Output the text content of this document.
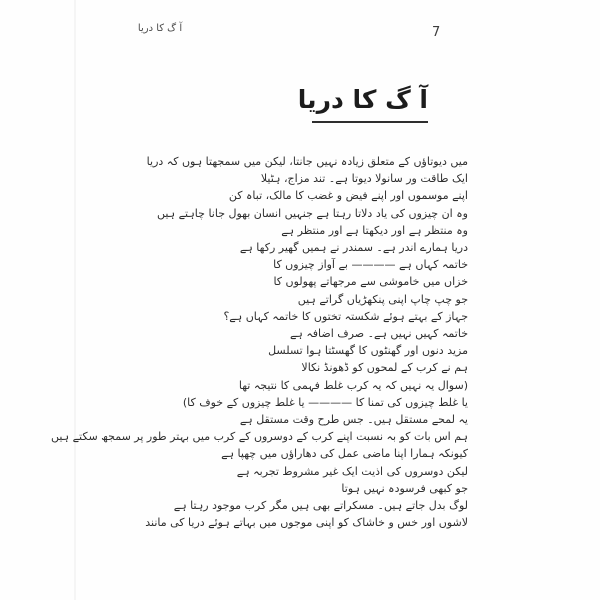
آ گ کا دریا	7
آ گ کا دریا
میں دیوتاؤں کے متعلق زیادہ نہیں جانتا، لیکن میں سمجھتا ہوں کہ دریا
ایک طاقت ور سانولا دیوتا ہے۔ تند مزاج، ہٹیلا
اپنے موسموں اور اپنے فیض و غضب کا مالک، تباہ کن
وہ ان چیزوں کی یاد دلاتا رہتا ہے جنہیں انسان بھول جانا چاہتے ہیں
وہ منتظر ہے اور دیکھتا ہے اور منتظر ہے
دریا ہمارے اندر ہے۔ سمندر نے ہمیں گھیر رکھا ہے
خاتمہ کہاں ہے ———— بے آواز چیزوں کا
خزاں میں خاموشی سے مرجھاتے پھولوں کا
جو چپ چاپ اپنی پنکھڑیاں گراتے ہیں
جہاز کے بہتے ہوئے شکستہ تختوں کا خاتمہ کہاں ہے؟
خاتمہ کہیں نہیں ہے۔ صرف اضافہ ہے
مزید دنوں اور گھنٹوں کا گھسٹتا ہوا تسلسل
ہم نے کرب کے لمحوں کو ڈھونڈ نکالا
(سوال یہ نہیں کہ یہ کرب غلط فہمی کا نتیجہ تھا
یا غلط چیزوں کی تمنا کا ———— یا غلط چیزوں کے خوف کا)
یہ لمحے مستقل ہیں۔ جس طرح وقت مستقل ہے
ہم اس بات کو بہ نسبت اپنے کرب کے دوسروں کے کرب میں بہتر طور پر سمجھ سکتے ہیں
کیونکہ ہمارا اپنا ماضی عمل کی دھاراؤں میں چھپا ہے
لیکن دوسروں کی اذیت ایک غیر مشروط تجربہ ہے
جو کبھی فرسودہ نہیں ہوتا
لوگ بدل جاتے ہیں۔ مسکراتے بھی ہیں مگر کرب موجود رہتا ہے
لاشوں اور خس و خاشاک کو اپنی موجوں میں بہاتے ہوئے دریا کی مانند
